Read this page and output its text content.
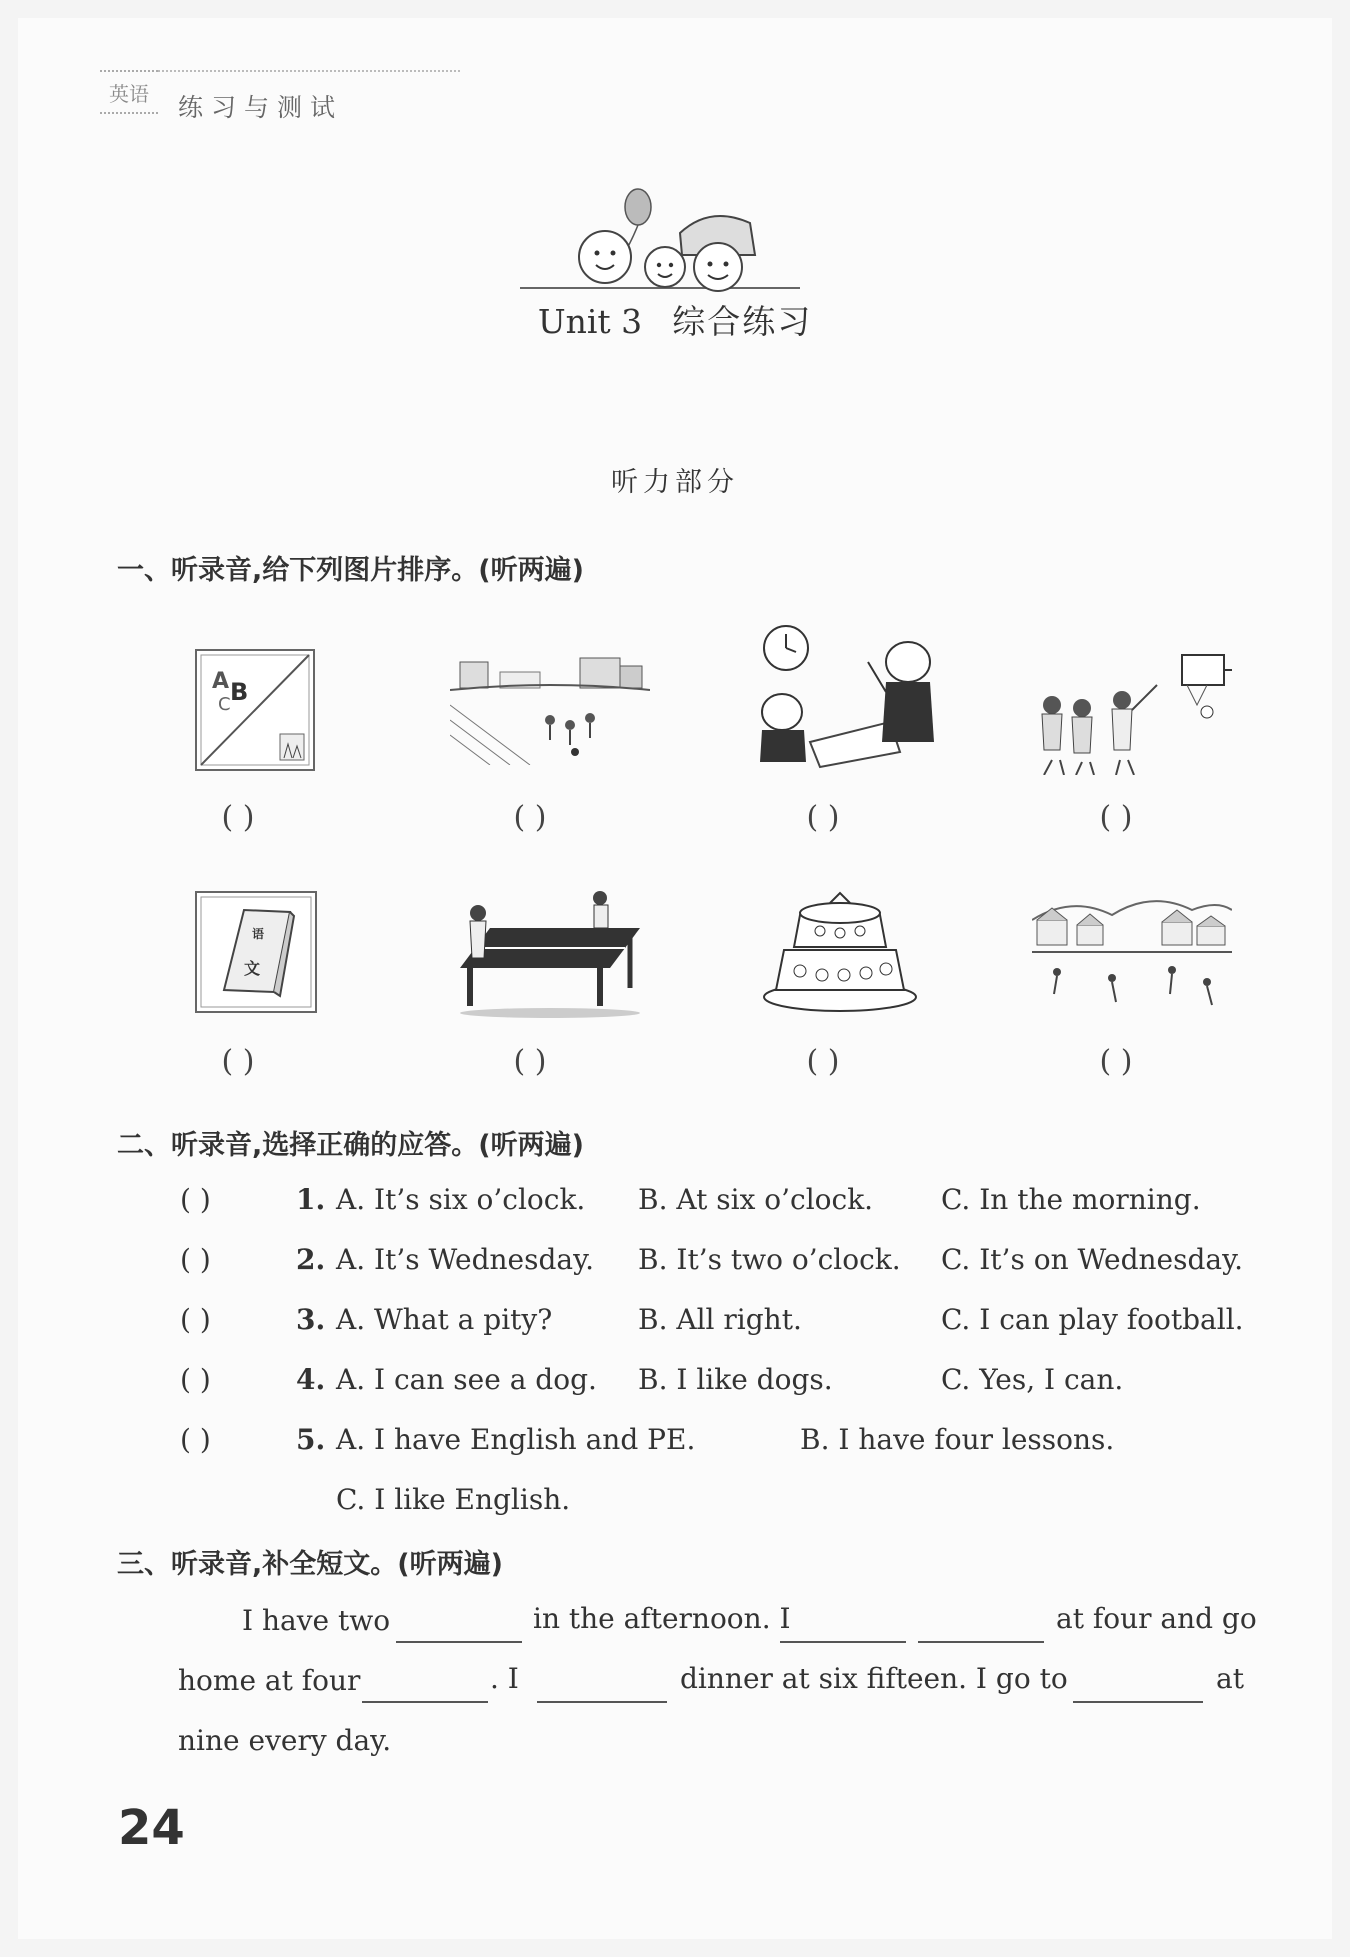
英语	练习与测试
Unit 3 综合练习
听力部分
一、听录音,给下列图片排序。(听两遍)
A B
C
( )	( )	( )	( )
语
文
( )	( )	( )	( )
二、听录音,选择正确的应答。(听两遍)
( )	1. A. It’s six o’clock. B. At six o’clock. C. In the morning.
( )	2. A. It’s Wednesday. B. It’s two o’clock. C. It’s on Wednesday.
( )	3. A. What a pity?	B. All right.	C. I can play football.
( )	4. A. I can see a dog. B. I like dogs.	C. Yes, I can.
( )	5. A. I have English and PE.	B. I have four lessons.
C. I like English.
三、听录音,补全短文。(听两遍)
I have two	in the afternoon. I	at four and go
home at four	. I	dinner at six fifteen. I go to	at
nine every day.
24
